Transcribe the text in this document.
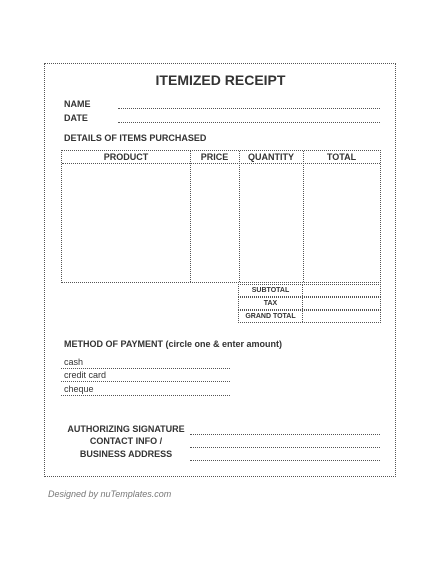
ITEMIZED RECEIPT
NAME
DATE
DETAILS OF ITEMS PURCHASED
PRODUCT	PRICE	QUANTITY	TOTAL
SUBTOTAL
TAX
GRAND TOTAL
METHOD OF PAYMENT (circle one & enter amount)
cash
credit card
cheque
AUTHORIZING SIGNATURE
CONTACT INFO /
BUSINESS ADDRESS
Designed by nuTemplates.com
